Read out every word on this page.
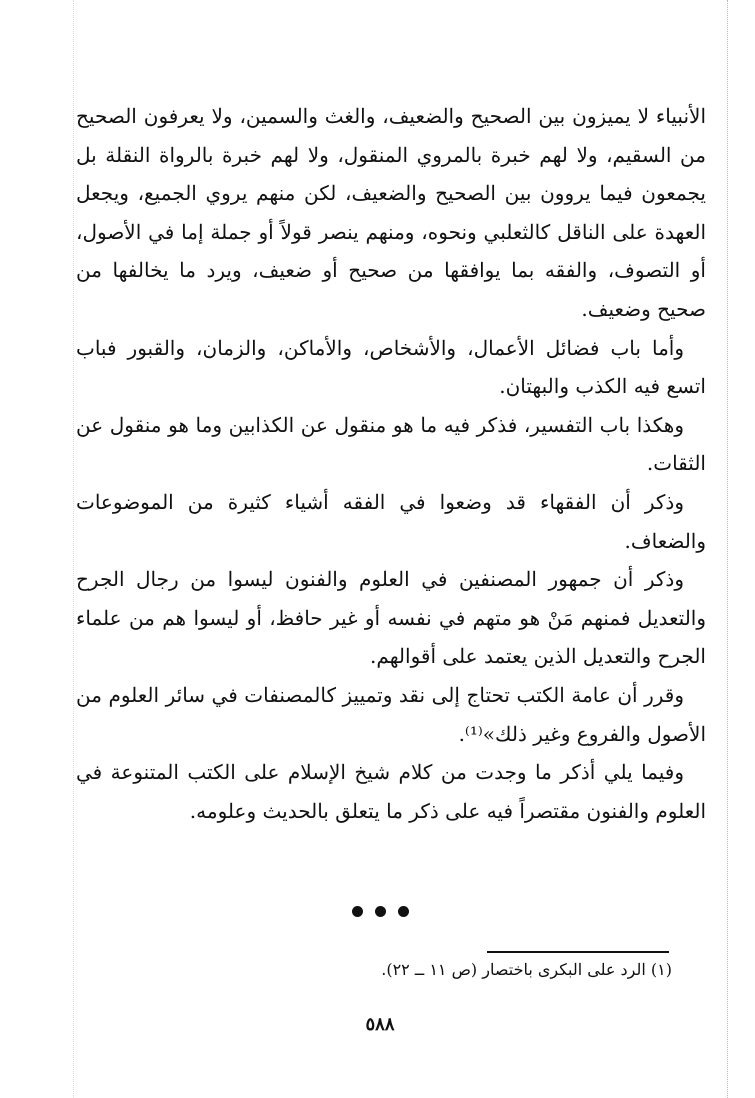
الأنبياء لا يميزون بين الصحيح والضعيف، والغث والسمين، ولا يعرفون الصحيح من السقيم، ولا لهم خبرة بالمروي المنقول، ولا لهم خبرة بالرواة النقلة بل يجمعون فيما يروون بين الصحيح والضعيف، لكن منهم يروي الجميع، ويجعل العهدة على الناقل كالثعلبي ونحوه، ومنهم ينصر قولاً أو جملة إما في الأصول، أو التصوف، والفقه بما يوافقها من صحيح أو ضعيف، ويرد ما يخالفها من صحيح وضعيف.

وأما باب فضائل الأعمال، والأشخاص، والأماكن، والزمان، والقبور فباب اتسع فيه الكذب والبهتان.

وهكذا باب التفسير، فذكر فيه ما هو منقول عن الكذابين وما هو منقول عن الثقات.

وذكر أن الفقهاء قد وضعوا في الفقه أشياء كثيرة من الموضوعات والضعاف.

وذكر أن جمهور المصنفين في العلوم والفنون ليسوا من رجال الجرح والتعديل فمنهم مَنْ هو متهم في نفسه أو غير حافظ، أو ليسوا هم من علماء الجرح والتعديل الذين يعتمد على أقوالهم.

وقرر أن عامة الكتب تحتاج إلى نقد وتمييز كالمصنفات في سائر العلوم من الأصول والفروع وغير ذلك»⁽¹⁾.

وفيما يلي أذكر ما وجدت من كلام شيخ الإسلام على الكتب المتنوعة في العلوم والفنون مقتصراً فيه على ذكر ما يتعلق بالحديث وعلومه.

(١) الرد على البكرى باختصار (ص ١١ ــ ٢٢).
٥٨٨
